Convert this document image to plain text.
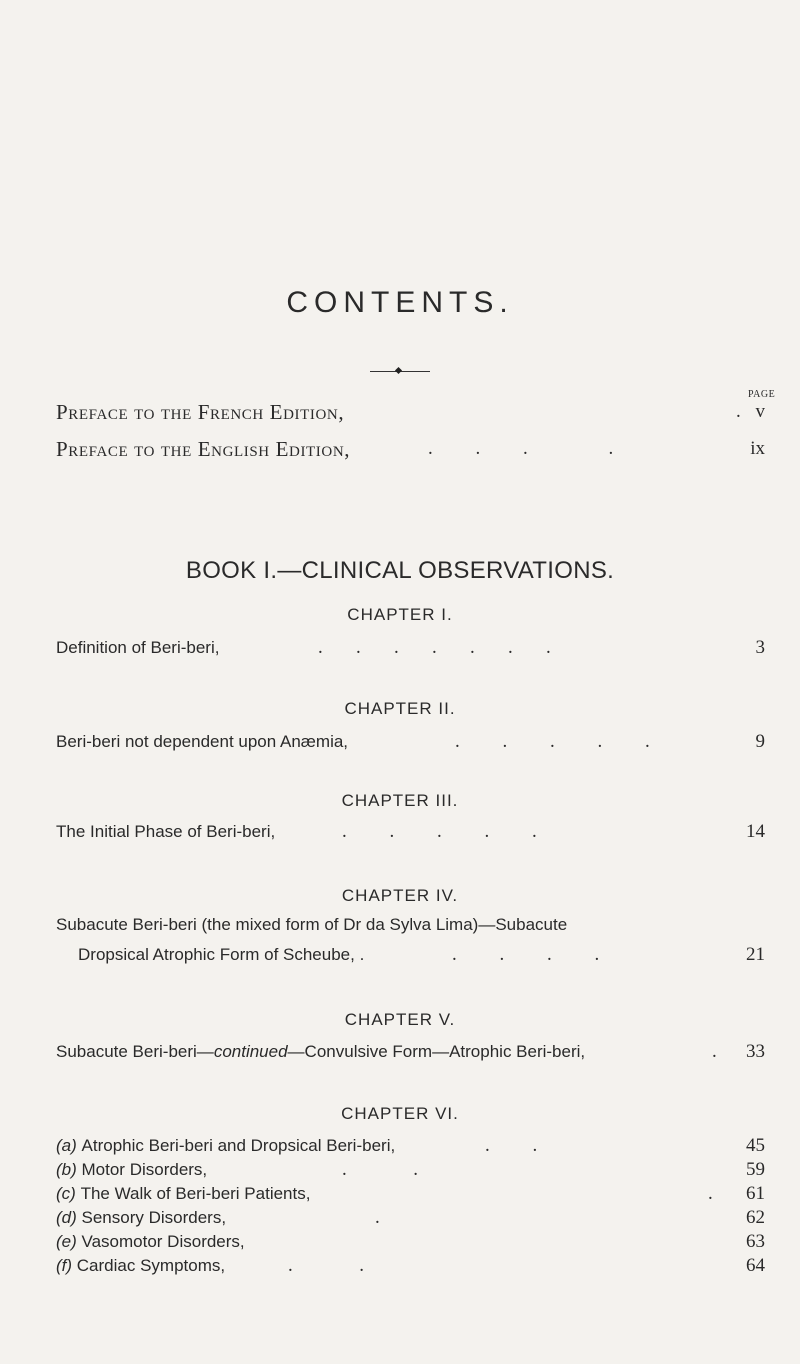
CONTENTS.
PAGE
Preface to the French Edition,	. v
Preface to the English Edition,	.         .         .                 .	ix
BOOK I.—CLINICAL OBSERVATIONS.
CHAPTER I.
Definition of Beri-beri,	.       .       .       .       .       .       .	3
CHAPTER II.
Beri-beri not dependent upon Anæmia,	.         .         .         .         .	9
CHAPTER III.
The Initial Phase of Beri-beri,	.         .         .         .         .	14
CHAPTER IV.
Subacute Beri-beri (the mixed form of Dr da Sylva Lima)—Subacute
Dropsical Atrophic Form of Scheube, .	.         .         .         .	21
CHAPTER V.
Subacute Beri-beri—continued—Convulsive Form—Atrophic Beri-beri,	.	33
CHAPTER VI.
(a) Atrophic Beri-beri and Dropsical Beri-beri,	.         .	45
(b) Motor Disorders,	.              .	59
(c) The Walk of Beri-beri Patients,	.	61
(d) Sensory Disorders,	.	62
(e) Vasomotor Disorders,	63
(f) Cardiac Symptoms,	.              .	64
